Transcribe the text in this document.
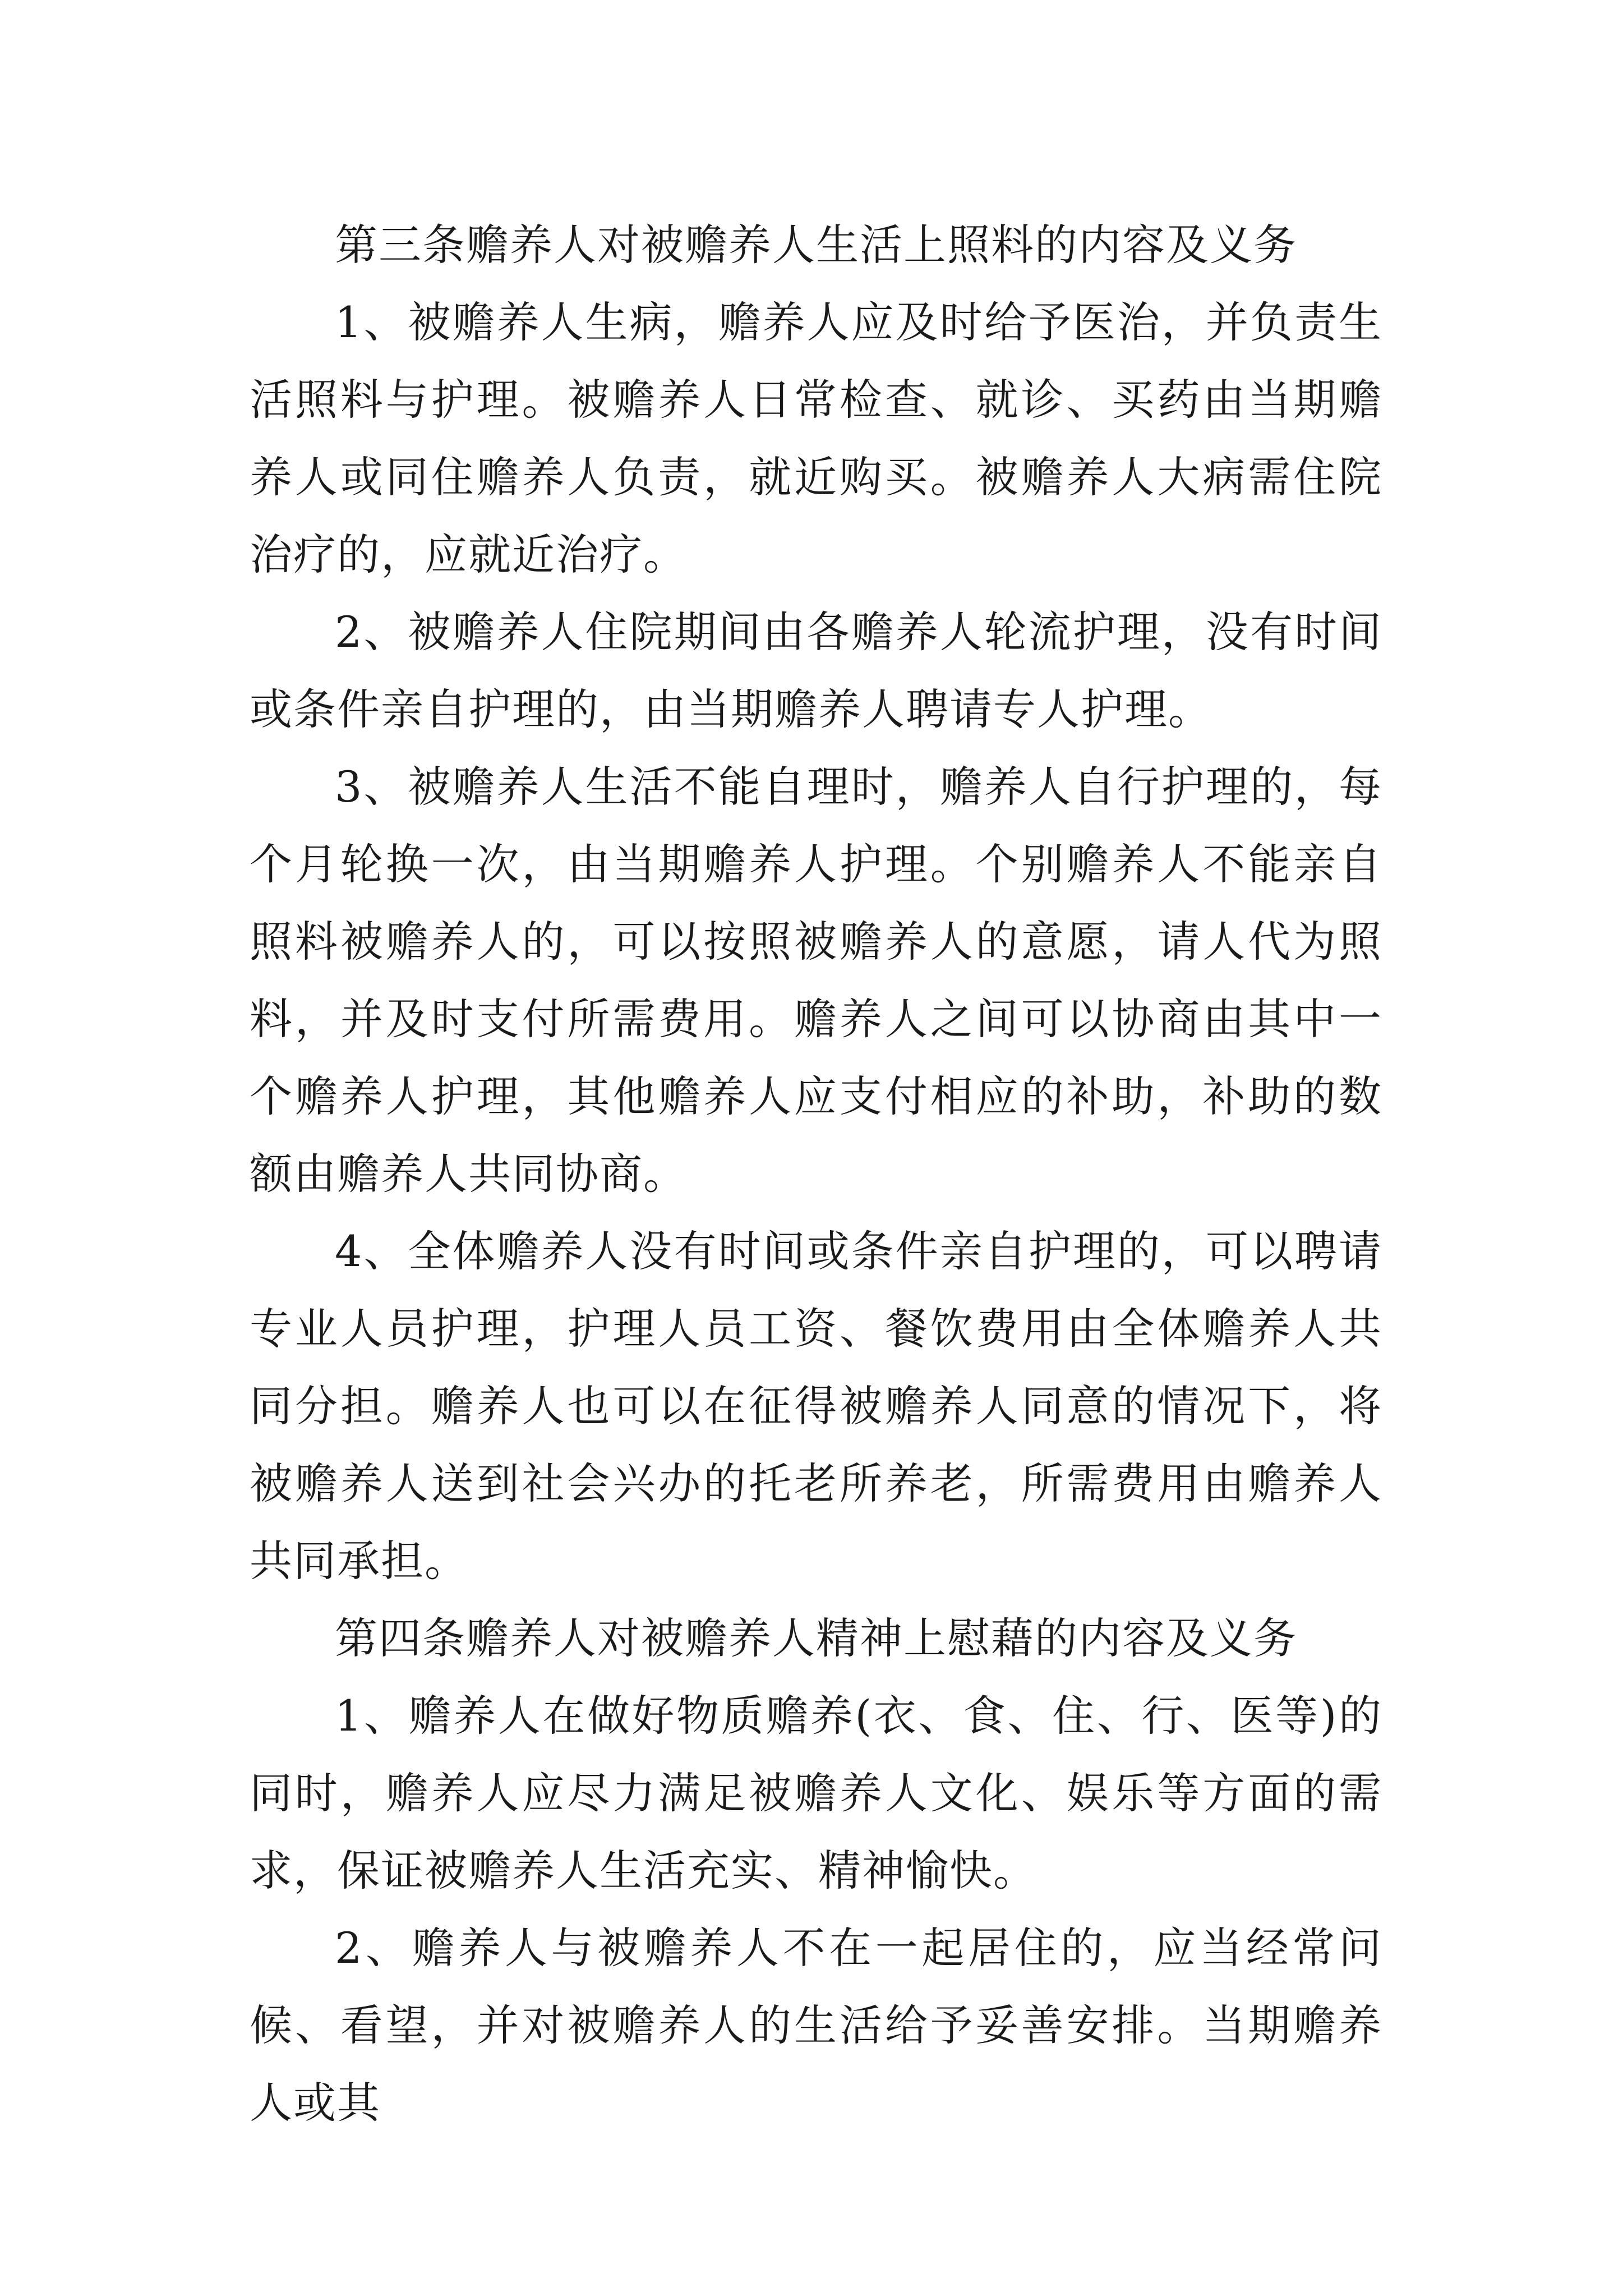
第三条赡养人对被赡养人生活上照料的内容及义务

1、被赡养人生病，赡养人应及时给予医治，并负责生活照料与护理。被赡养人日常检查、就诊、买药由当期赡养人或同住赡养人负责，就近购买。被赡养人大病需住院治疗的，应就近治疗。

2、被赡养人住院期间由各赡养人轮流护理，没有时间或条件亲自护理的，由当期赡养人聘请专人护理。

3、被赡养人生活不能自理时，赡养人自行护理的，每个月轮换一次，由当期赡养人护理。个别赡养人不能亲自照料被赡养人的，可以按照被赡养人的意愿，请人代为照料，并及时支付所需费用。赡养人之间可以协商由其中一个赡养人护理，其他赡养人应支付相应的补助，补助的数额由赡养人共同协商。

4、全体赡养人没有时间或条件亲自护理的，可以聘请专业人员护理，护理人员工资、餐饮费用由全体赡养人共同分担。赡养人也可以在征得被赡养人同意的情况下，将被赡养人送到社会兴办的托老所养老，所需费用由赡养人共同承担。

第四条赡养人对被赡养人精神上慰藉的内容及义务

1、赡养人在做好物质赡养(衣、食、住、行、医等)的同时，赡养人应尽力满足被赡养人文化、娱乐等方面的需求，保证被赡养人生活充实、精神愉快。

2、赡养人与被赡养人不在一起居住的，应当经常问候、看望，并对被赡养人的生活给予妥善安排。当期赡养人或其
